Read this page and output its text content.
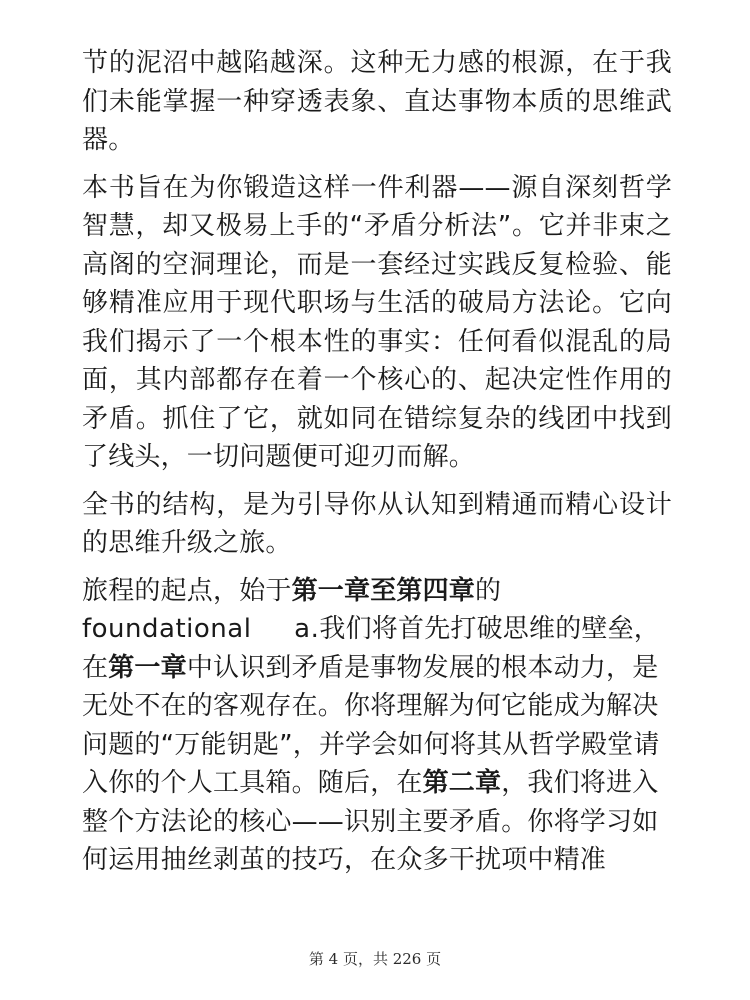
节的泥沼中越陷越深。这种无力感的根源，在于我们未能掌握一种穿透表象、直达事物本质的思维武器。

本书旨在为你锻造这样一件利器——源自深刻哲学智慧，却又极易上手的“矛盾分析法”。它并非束之高阁的空洞理论，而是一套经过实践反复检验、能够精准应用于现代职场与生活的破局方法论。它向我们揭示了一个根本性的事实：任何看似混乱的局面，其内部都存在着一个核心的、起决定性作用的矛盾。抓住了它，就如同在错综复杂的线团中找到了线头，一切问题便可迎刃而解。

全书的结构，是为引导你从认知到精通而精心设计的思维升级之旅。

旅程的起点，始于第一章至第四章的
foundational a.我们将首先打破思维的壁垒，在第一章中认识到矛盾是事物发展的根本动力，是无处不在的客观存在。你将理解为何它能成为解决问题的“万能钥匙”，并学会如何将其从哲学殿堂请入你的个人工具箱。随后，在第二章，我们将进入整个方法论的核心——识别主要矛盾。你将学习如何运用抽丝剥茧的技巧，在众多干扰项中精准

第 4 页，共 226 页
